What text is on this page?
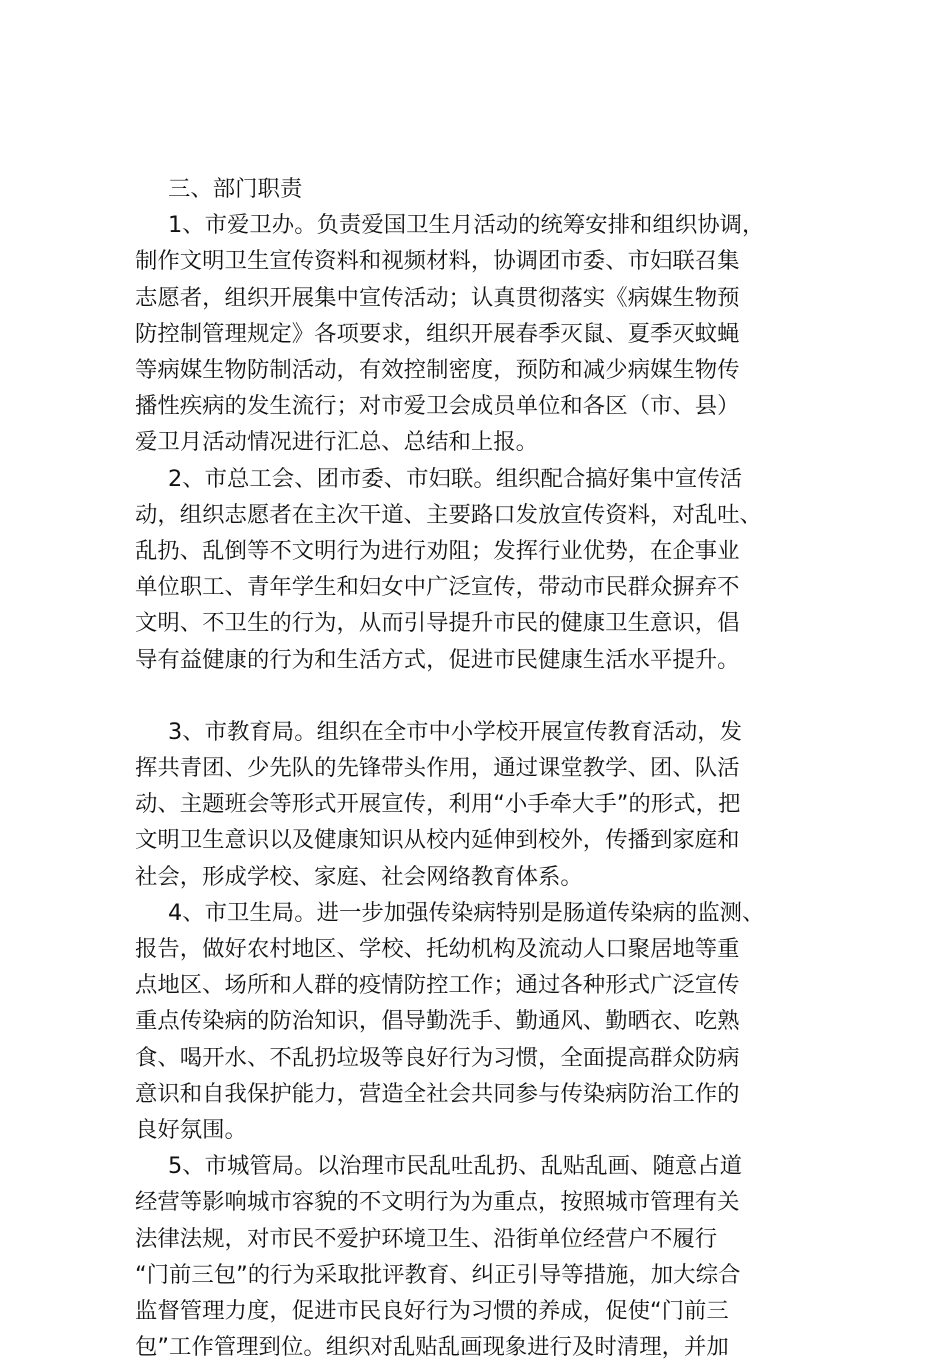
三、部门职责
1、市爱卫办。负责爱国卫生月活动的统筹安排和组织协调，
制作文明卫生宣传资料和视频材料，协调团市委、市妇联召集
志愿者，组织开展集中宣传活动；认真贯彻落实《病媒生物预
防控制管理规定》各项要求，组织开展春季灭鼠、夏季灭蚊蝇
等病媒生物防制活动，有效控制密度，预防和减少病媒生物传
播性疾病的发生流行；对市爱卫会成员单位和各区（市、县）
爱卫月活动情况进行汇总、总结和上报。
2、市总工会、团市委、市妇联。组织配合搞好集中宣传活
动，组织志愿者在主次干道、主要路口发放宣传资料，对乱吐、
乱扔、乱倒等不文明行为进行劝阻；发挥行业优势，在企事业
单位职工、青年学生和妇女中广泛宣传，带动市民群众摒弃不
文明、不卫生的行为，从而引导提升市民的健康卫生意识，倡
导有益健康的行为和生活方式，促进市民健康生活水平提升。
3、市教育局。组织在全市中小学校开展宣传教育活动，发
挥共青团、少先队的先锋带头作用，通过课堂教学、团、队活
动、主题班会等形式开展宣传，利用“小手牵大手”的形式，把
文明卫生意识以及健康知识从校内延伸到校外，传播到家庭和
社会，形成学校、家庭、社会网络教育体系。
4、市卫生局。进一步加强传染病特别是肠道传染病的监测、
报告，做好农村地区、学校、托幼机构及流动人口聚居地等重
点地区、场所和人群的疫情防控工作；通过各种形式广泛宣传
重点传染病的防治知识，倡导勤洗手、勤通风、勤晒衣、吃熟
食、喝开水、不乱扔垃圾等良好行为习惯，全面提高群众防病
意识和自我保护能力，营造全社会共同参与传染病防治工作的
良好氛围。
5、市城管局。以治理市民乱吐乱扔、乱贴乱画、随意占道
经营等影响城市容貌的不文明行为为重点，按照城市管理有关
法律法规，对市民不爱护环境卫生、沿街单位经营户不履行
“门前三包”的行为采取批评教育、纠正引导等措施，加大综合
监督管理力度，促进市民良好行为习惯的养成，促使“门前三
包”工作管理到位。组织对乱贴乱画现象进行及时清理，并加
